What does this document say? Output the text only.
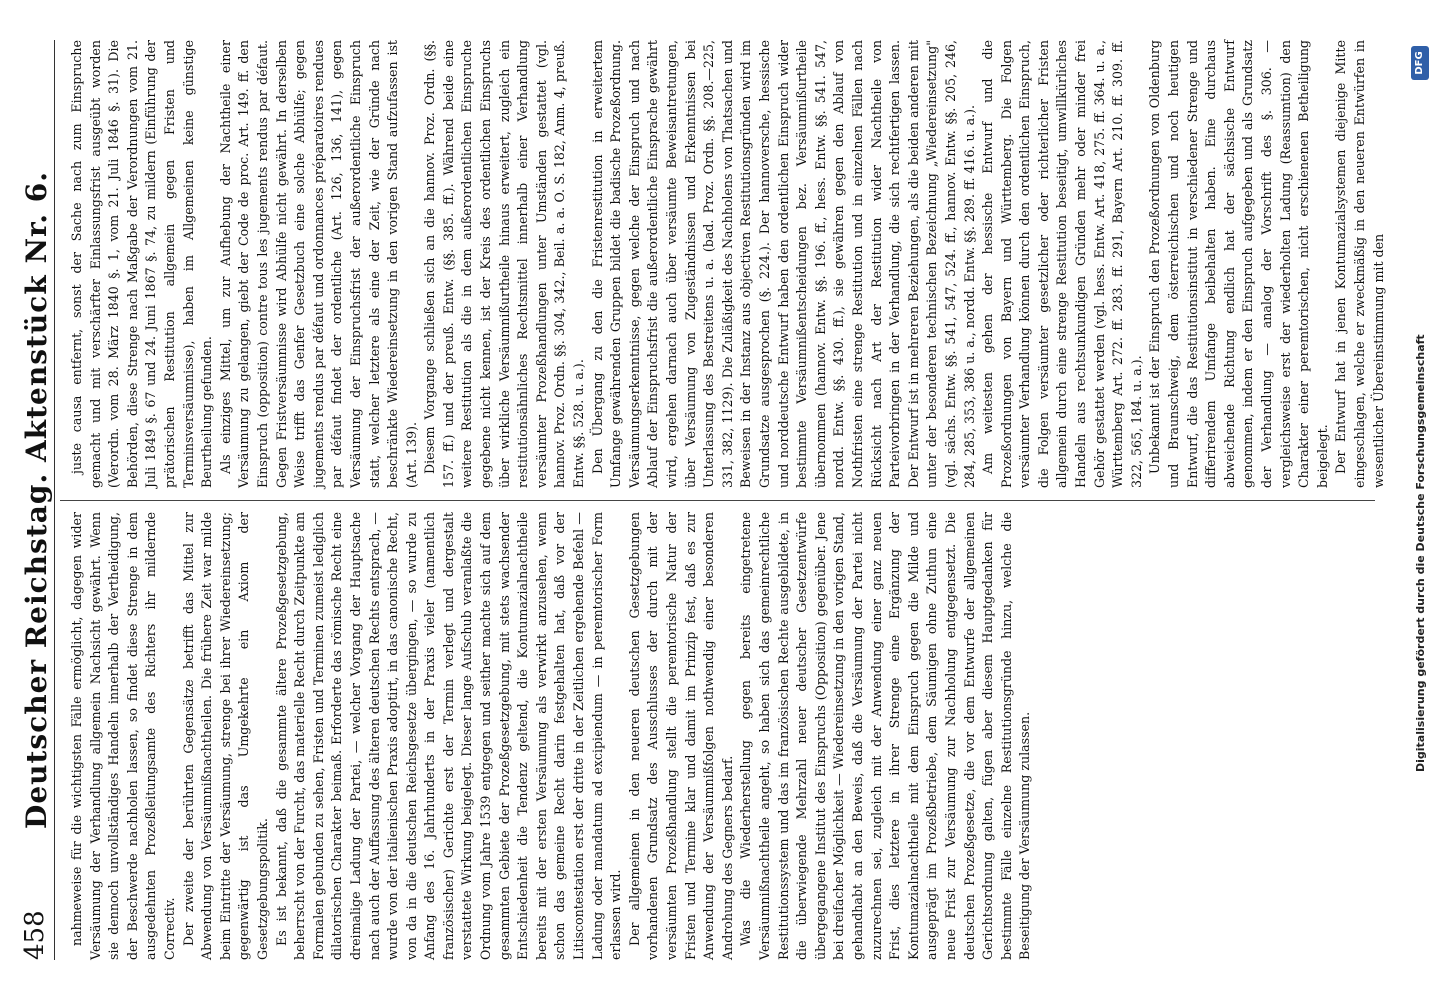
458
Deutscher Reichstag. Aktenstück Nr. 6. nahmeweise für die wichtigsten Fälle ermöglicht, dagegen wider Versäumung der Verhandlung allgemein Nachsicht gewährt. Wenn sie dennoch unvollständiges Handeln innerhalb der Vertheidigung, der Beschwerde nachholen lassen, so findet diese Strenge in dem ausgedehnten Prozeßleitungsamte des Richters ihr mildernde Correctiv. Der zweite der berührten Gegensätze betrifft das Mittel zur Abwendung von Versäumnißnachtheilen. Die frühere Zeit war milde beim Eintritte der Versäumung, strenge bei ihrer Wiedereinsetzung; gegenwärtig ist das Umgekehrte ein Axiom der Gesetzgebungspolitik. Es ist bekannt, daß die gesammte ältere Prozeßgesetzgebung, beherrscht von der Furcht, das materielle Recht durch Zeitpunkte am Formalen gebunden zu sehen, Fristen und Terminen zumeist lediglich dilatorischen Charakter beimaß. Erforderte das römische Recht eine dreimalige Ladung der Partei, — welcher Vorgang der Hauptsache nach auch der Auffassung des älteren deutschen Rechts entsprach, — wurde von der italienischen Praxis adoptirt, in das canonische Recht, von da in die deutschen Reichsgesetze übergingen, — so wurde zu Anfang des 16. Jahrhunderts in der Praxis vieler (namentlich französischer) Gerichte erst der Termin verlegt und dergestalt verstattete Wirkung beigelegt. Dieser lange Aufschub veranlaßte die Ordnung vom Jahre 1539 entgegen und seither machte sich auf dem gesammten Gebiete der Prozeßgesetzgebung, mit stets wachsender Entschiedenheit die Tendenz geltend, die Kontumazialnachtheile bereits mit der ersten Versäumung als verwirkt anzusehen, wenn schon das gemeine Recht darin festgehalten hat, daß vor der Litiscontestation erst der dritte in der Zeitlichen ergehende Befehl — Ladung oder mandatum ad excipiendum — in peremtorischer Form erlassen wird. Der allgemeinen in den neueren deutschen Gesetzgebungen vorhandenen Grundsatz des Ausschlusses der durch mit der versäumten Prozeßhandlung stellt die peremtorische Natur der Fristen und Termine klar und damit im Prinzip fest, daß es zur Anwendung der Versäumnißfolgen nothwendig einer besonderen Androhung des Gegners bedarf. Was die Wiederherstellung gegen bereits eingetretene Versäumnißnachtheile angeht, so haben sich das gemeinrechtliche Restitutionssystem und das im französischen Rechte ausgebildete, in die überwiegende Mehrzahl neuer deutscher Gesetzentwürfe übergegangene Institut des Einspruchs (Opposition) gegenüber. Jene bei dreifacher Möglichkeit — Wiedereinsetzung in den vorigen Stand, gehandhabt an den Beweis, daß die Versäumung der Partei nicht zuzurechnen sei, zugleich mit der Anwendung einer ganz neuen Frist, dies letztere in ihrer Strenge eine Ergänzung der Kontumazialnachtheile mit dem Einspruch gegen die Milde und ausgeprägt im Prozeßbetriebe, dem Säumigen ohne Zuthun eine neue Frist zur Versäumung zur Nachholung entgegensetzt. Die deutschen Prozeßgesetze, die vor dem Entwurfe der allgemeinen Gerichtsordnung galten, fügen aber diesem Hauptgedanken für bestimmte Fälle einzelne Restitutionsgründe hinzu, welche die Beseitigung der Versäumung zulassen.

juste causa entfernt, sonst der Sache nach zum Einspruche gemacht und mit verschärfter Einlassungsfrist ausgeübt worden (Verordn. vom 28. März 1840 §. 1, vom 21. Juli 1846 §. 31). Die Behörden, diese Strenge nach Maßgabe der Verordnungen vom 21. Juli 1849 §. 67 und 24. Juni 1867 §. 74, zu mildern (Einführung der prätorischen Restitution allgemein gegen Fristen und Terminsversäumnisse), haben im Allgemeinen keine günstige Beurtheilung gefunden. Als einziges Mittel, um zur Aufhebung der Nachtheile einer Versäumung zu gelangen, giebt der Code de proc. Art. 149. ff. den Einspruch (opposition) contre tous les jugements rendus par défaut. Gegen Fristversäumnisse wird Abhülfe nicht gewährt. In derselben Weise trifft das Genfer Gesetzbuch eine solche Abhülfe; gegen jugements rendus par défaut und ordonnances préparatoires rendues par défaut findet der ordentliche (Art. 126, 136, 141), gegen Versäumung der Einspruchsfrist der außerordentliche Einspruch statt, welcher letztere als eine der Zeit, wie der Gründe nach beschränkte Wiedereinsetzung in den vorigen Stand aufzufassen ist (Art. 139). Diesem Vorgange schließen sich an die hannov. Proz. Ordn. (§§. 157. ff.) und der preuß. Entw. (§§. 385. ff.). Während beide eine weitere Restitution als die in dem außerordentlichen Einspruche gegebene nicht kennen, ist der Kreis des ordentlichen Einspruchs über wirkliche Versäumnißurtheile hinaus erweitert, zugleich ein restitutionsähnliches Rechtsmittel innerhalb einer Verhandlung versäumter Prozeßhandlungen unter Umständen gestattet (vgl. hannov. Proz. Ordn. §§. 304, 342., Beil. a. a. O. S. 182, Anm. 4, preuß. Entw. §§. 528. u. a.). Den Übergang zu den die Fristenrestitution in erweitertem Umfange gewährenden Gruppen bildet die badische Prozeßordnung. Versäumungserkenntnisse, gegen welche der Einspruch und nach Ablauf der Einspruchsfrist die außerordentliche Einsprache gewährt wird, ergehen darnach auch über versäumte Beweisantretungen, über Versäumung von Zugeständnissen und Erkenntnissen bei Unterlassung des Bestreitens u. a. (bad. Proz. Ordn. §§. 208.—225, 331, 382, 1129). Die Zuläßigkeit des Nachholens von Thatsachen und Beweisen in der Instanz aus objectiven Restitutionsgründen wird im Grundsatze ausgesprochen (§. 224.). Der hannoversche, hessische und norddeutsche Entwurf haben den ordentlichen Einspruch wider bestimmte Versäumnißentscheidungen bez. Versäumnißurtheile übernommen (hannov. Entw. §§. 196. ff., hess. Entw. §§. 541. 547, nordd. Entw. §§. 430. ff.), sie gewähren gegen den Ablauf von Nothfristen eine strenge Restitution und in einzelnen Fällen nach Rücksicht nach Art der Restitution wider Nachtheile von Parteivorbringen in der Verhandlung, die sich rechtfertigen lassen. Der Entwurf ist in mehreren Beziehungen, als die beiden anderen mit unter der besonderen technischen Bezeichnung „Wiedereinsetzung" (vgl. sächs. Entw. §§. 541, 547, 524. ff., hannov. Entw. §§. 205, 246, 284, 285, 353, 386 u. a., nordd. Entw. §§. 289. ff. 416. u. a.). Am weitesten gehen der hessische Entwurf und die Prozeßordnungen von Bayern und Württemberg. Die Folgen versäumter Verhandlung können durch den ordentlichen Einspruch, die Folgen versäumter gesetzlicher oder richterlicher Fristen allgemein durch eine strenge Restitution beseitigt, umwillkürliches Handeln aus rechtsunkundigen Gründen mehr oder minder frei Gehör gestattet werden (vgl. hess. Entw. Art. 418, 275. ff. 364. u. a., Württemberg Art. 272. ff. 283. ff. 291, Bayern Art. 210. ff. 309. ff. 322, 565, 184. u. a.). Unbekannt ist der Einspruch den Prozeßordnungen von Oldenburg und Braunschweig, dem österreichischen und noch heutigen Entwurf, die das Restitutionsinstitut in verschiedener Strenge und differirendem Umfange beibehalten haben. Eine durchaus abweichende Richtung endlich hat der sächsische Entwurf genommen, indem er den Einspruch aufgegeben und als Grundsatz der Verhandlung — analog der Vorschrift des §. 306. — vergleichsweise erst der wiederholten Ladung (Reassumtion) den Charakter einer peremtorischen, nicht erschienenen Betheiligung beigelegt. Der Entwurf hat in jenen Kontumazialsystemen diejenige Mitte eingeschlagen, welche er zweckmäßig in den neueren Entwürfen in wesentlicher Übereinstimmung mit den	Digitalisierung gefördert durch die Deutsche Forschungsgemeinschaft
DFG
